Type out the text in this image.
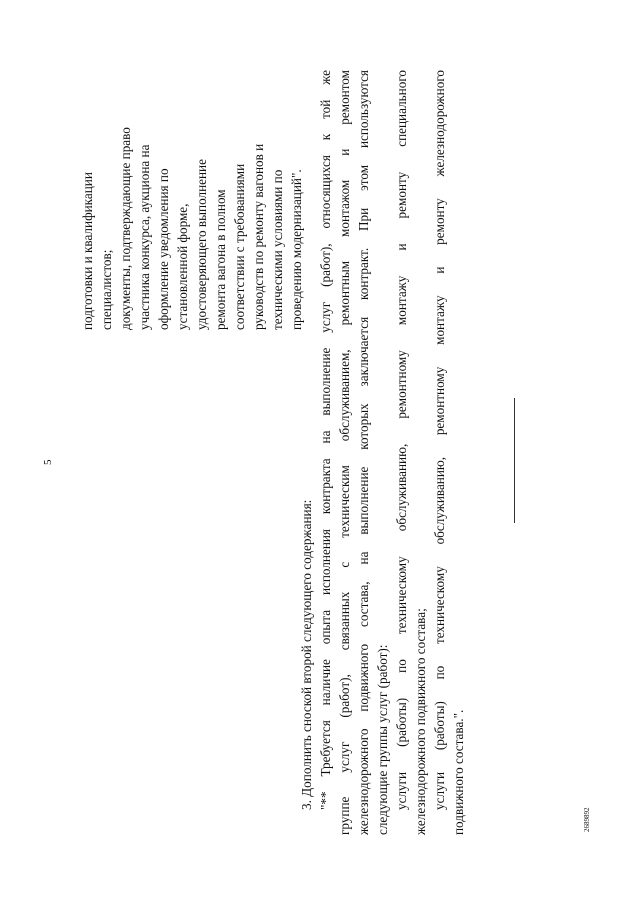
5
2689892
подготовки и квалификации специалистов; документы, подтверждающие право участника конкурса, аукциона на оформление уведомления по установленной форме, удостоверяющего выполнение ремонта вагона в полном соответствии с требованиями руководств по ремонту вагонов и техническими условиями по проведению модернизаций".
3. Дополнить сноской второй следующего содержания: "** Требуется наличие опыта исполнения контракта на выполнение услуг (работ), относящихся к той же группе услуг (работ), связанных с техническим обслуживанием, ремонтным монтажом и ремонтом железнодорожного подвижного состава, на выполнение которых заключается контракт. При этом используются следующие группы услуг (работ): услуги (работы) по техническому обслуживанию, ремонтному монтажу и ремонту специального железнодорожного подвижного состава; услуги (работы) по техническому обслуживанию, ремонтному монтажу и ремонту железнодорожного подвижного состава.".
